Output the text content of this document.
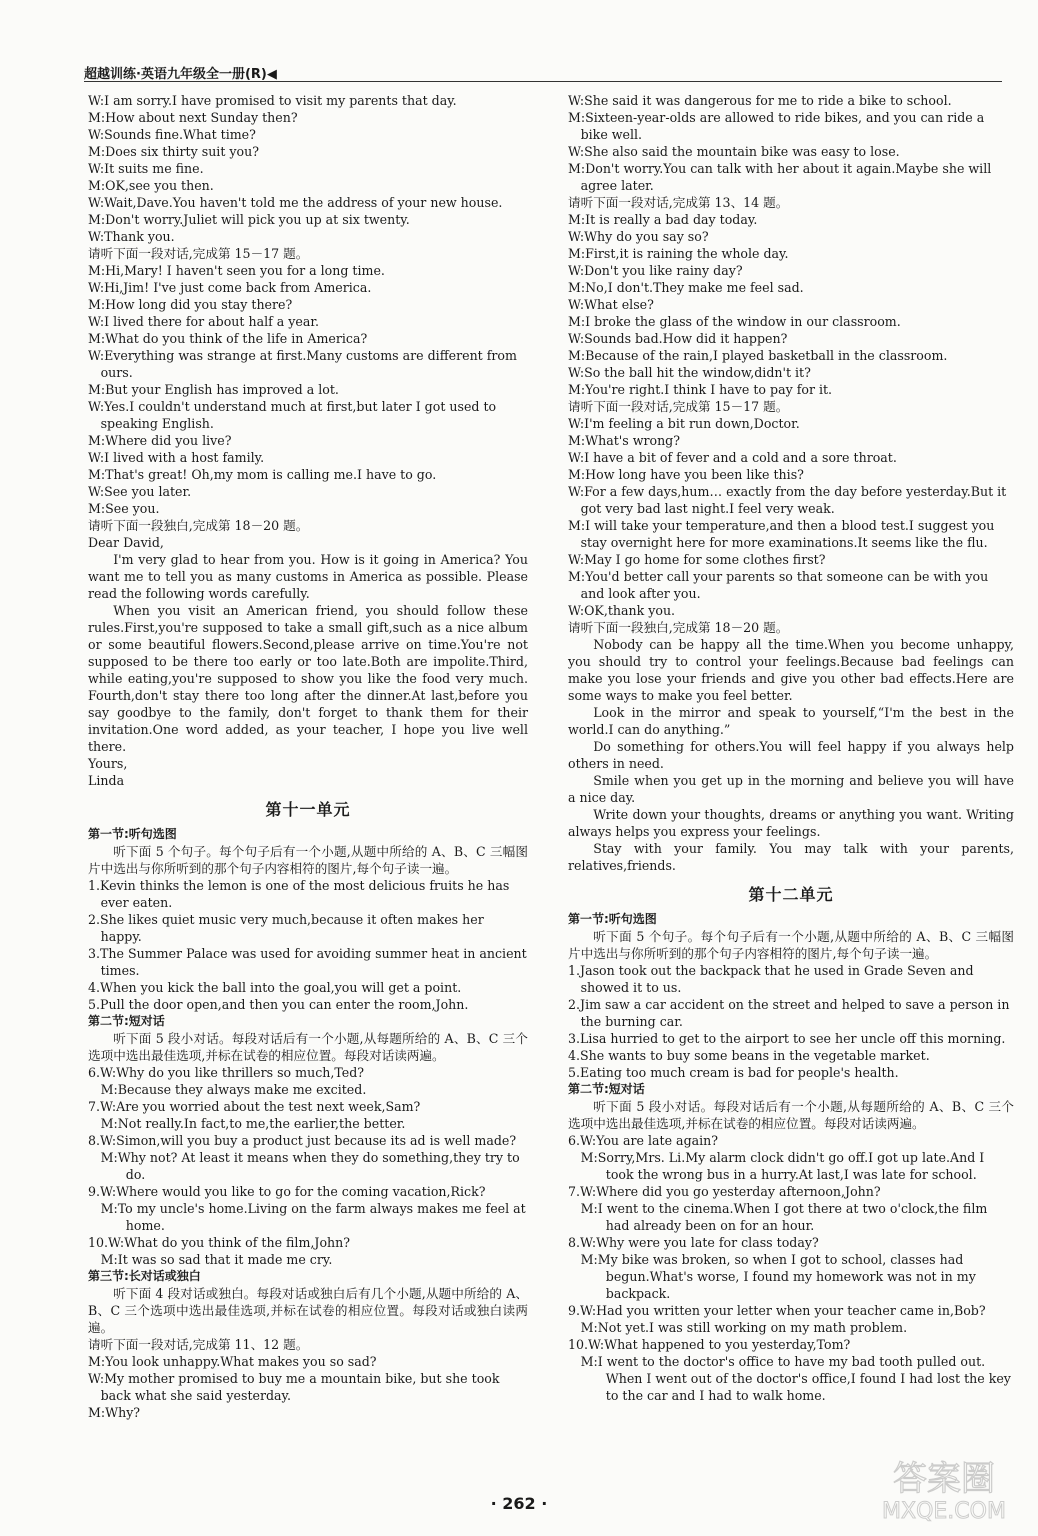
超越训练·英语九年级全一册(R)◀

W:I am sorry.I have promised to visit my parents that day.

M:How about next Sunday then?

W:Sounds fine.What time?

M:Does six thirty suit you?

W:It suits me fine.

M:OK,see you then.

W:Wait,Dave.You haven't told me the address of your new house.

M:Don't worry.Juliet will pick you up at six twenty.

W:Thank you.

请听下面一段对话,完成第 15－17 题。

M:Hi,Mary! I haven't seen you for a long time.

W:Hi,Jim! I've just come back from America.

M:How long did you stay there?

W:I lived there for about half a year.

M:What do you think of the life in America?

W:Everything was strange at first.Many customs are different from ours.

M:But your English has improved a lot.

W:Yes.I couldn't understand much at first,but later I got used to speaking English.

M:Where did you live?

W:I lived with a host family.

M:That's great! Oh,my mom is calling me.I have to go.

W:See you later.

M:See you.

请听下面一段独白,完成第 18－20 题。

Dear David,

I'm very glad to hear from you. How is it going in America? You want me to tell you as many customs in America as possible. Please read the following words carefully.

When you visit an American friend, you should follow these rules.First,you're supposed to take a small gift,such as a nice album or some beautiful flowers.Second,please arrive on time.You're not supposed to be there too early or too late.Both are impolite.Third, while eating,you're supposed to show you like the food very much. Fourth,don't stay there too long after the dinner.At last,before you say goodbye to the family, don't forget to thank them for their invitation.One word added, as your teacher, I hope you live well there.

Yours,

Linda

第十一单元

第一节:听句选图

听下面 5 个句子。每个句子后有一个小题,从题中所给的 A、B、C 三幅图片中选出与你所听到的那个句子内容相符的图片,每个句子读一遍。

1.Kevin thinks the lemon is one of the most delicious fruits he has ever eaten.

2.She likes quiet music very much,because it often makes her happy.

3.The Summer Palace was used for avoiding summer heat in ancient times.

4.When you kick the ball into the goal,you will get a point.

5.Pull the door open,and then you can enter the room,John.

第二节:短对话

听下面 5 段小对话。每段对话后有一个小题,从每题所给的 A、B、C 三个选项中选出最佳选项,并标在试卷的相应位置。每段对话读两遍。

6.W:Why do you like thrillers so much,Ted?

M:Because they always make me excited.

7.W:Are you worried about the test next week,Sam?

M:Not really.In fact,to me,the earlier,the better.

8.W:Simon,will you buy a product just because its ad is well made?

M:Why not? At least it means when they do something,they try to do.

9.W:Where would you like to go for the coming vacation,Rick?

M:To my uncle's home.Living on the farm always makes me feel at home.

10.W:What do you think of the film,John?

M:It was so sad that it made me cry.

第三节:长对话或独白

听下面 4 段对话或独白。每段对话或独白后有几个小题,从题中所给的 A、B、C 三个选项中选出最佳选项,并标在试卷的相应位置。每段对话或独白读两遍。

请听下面一段对话,完成第 11、12 题。

M:You look unhappy.What makes you so sad?

W:My mother promised to buy me a mountain bike, but she took back what she said yesterday.

M:Why?

W:She said it was dangerous for me to ride a bike to school.

M:Sixteen-year-olds are allowed to ride bikes, and you can ride a bike well.

W:She also said the mountain bike was easy to lose.

M:Don't worry.You can talk with her about it again.Maybe she will agree later.

请听下面一段对话,完成第 13、14 题。

M:It is really a bad day today.

W:Why do you say so?

M:First,it is raining the whole day.

W:Don't you like rainy day?

M:No,I don't.They make me feel sad.

W:What else?

M:I broke the glass of the window in our classroom.

W:Sounds bad.How did it happen?

M:Because of the rain,I played basketball in the classroom.

W:So the ball hit the window,didn't it?

M:You're right.I think I have to pay for it.

请听下面一段对话,完成第 15－17 题。

W:I'm feeling a bit run down,Doctor.

M:What's wrong?

W:I have a bit of fever and a cold and a sore throat.

M:How long have you been like this?

W:For a few days,hum… exactly from the day before yesterday.But it got very bad last night.I feel very weak.

M:I will take your temperature,and then a blood test.I suggest you stay overnight here for more examinations.It seems like the flu.

W:May I go home for some clothes first?

M:You'd better call your parents so that someone can be with you and look after you.

W:OK,thank you.

请听下面一段独白,完成第 18－20 题。

Nobody can be happy all the time.When you become unhappy, you should try to control your feelings.Because bad feelings can make you lose your friends and give you other bad effects.Here are some ways to make you feel better.

Look in the mirror and speak to yourself,“I'm the best in the world.I can do anything.”

Do something for others.You will feel happy if you always help others in need.

Smile when you get up in the morning and believe you will have a nice day.

Write down your thoughts, dreams or anything you want. Writing always helps you express your feelings.

Stay with your family. You may talk with your parents, relatives,friends.

第十二单元

第一节:听句选图

听下面 5 个句子。每个句子后有一个小题,从题中所给的 A、B、C 三幅图片中选出与你所听到的那个句子内容相符的图片,每个句子读一遍。

1.Jason took out the backpack that he used in Grade Seven and showed it to us.

2.Jim saw a car accident on the street and helped to save a person in the burning car.

3.Lisa hurried to get to the airport to see her uncle off this morning.

4.She wants to buy some beans in the vegetable market.

5.Eating too much cream is bad for people's health.

第二节:短对话

听下面 5 段小对话。每段对话后有一个小题,从每题所给的 A、B、C 三个选项中选出最佳选项,并标在试卷的相应位置。每段对话读两遍。

6.W:You are late again?

M:Sorry,Mrs. Li.My alarm clock didn't go off.I got up late.And I took the wrong bus in a hurry.At last,I was late for school.

7.W:Where did you go yesterday afternoon,John?

M:I went to the cinema.When I got there at two o'clock,the film had already been on for an hour.

8.W:Why were you late for class today?

M:My bike was broken, so when I got to school, classes had begun.What's worse, I found my homework was not in my backpack.

9.W:Had you written your letter when your teacher came in,Bob?

M:Not yet.I was still working on my math problem.

10.W:What happened to you yesterday,Tom?

M:I went to the doctor's office to have my bad tooth pulled out. When I went out of the doctor's office,I found I had lost the key to the car and I had to walk home.

· 262 ·
答案圈
MXQE.COM
